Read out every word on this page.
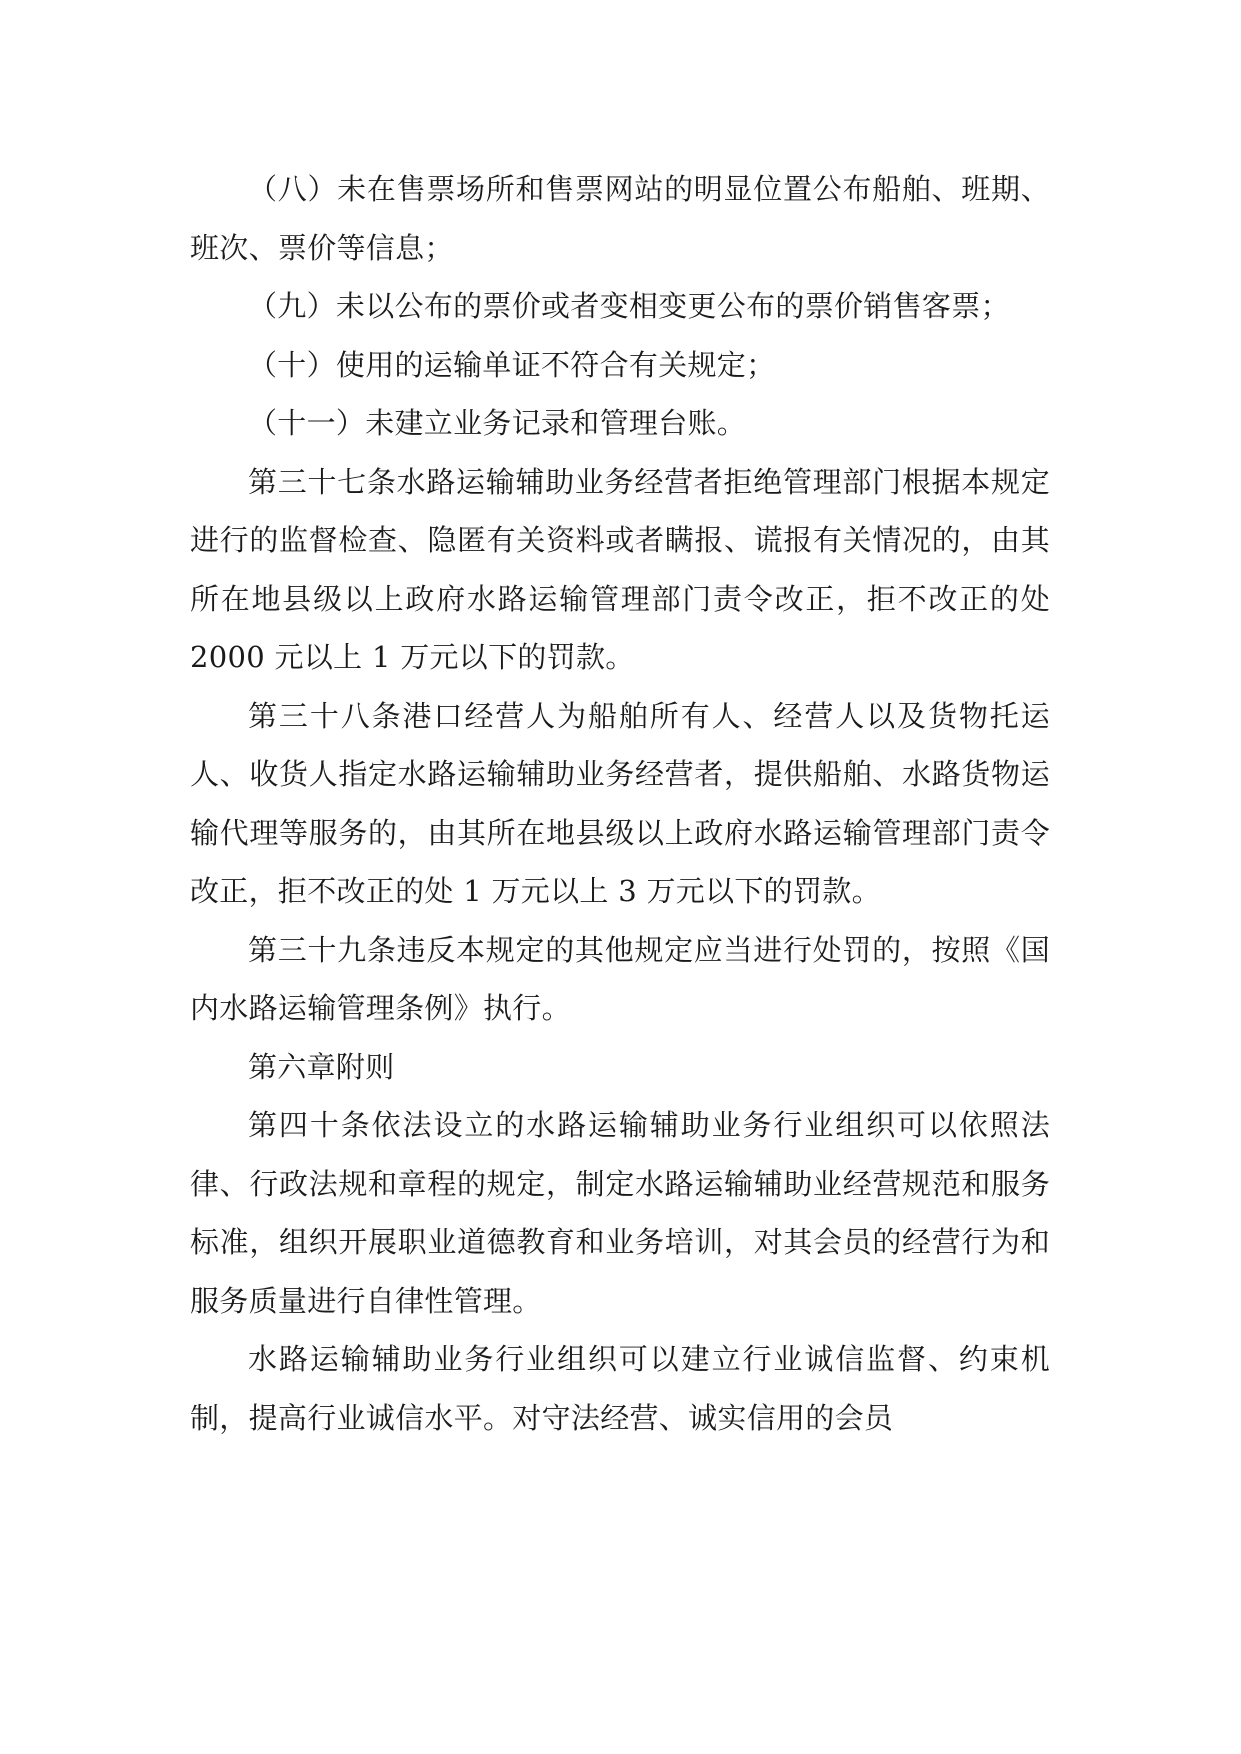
（八）未在售票场所和售票网站的明显位置公布船舶、班期、班次、票价等信息；

（九）未以公布的票价或者变相变更公布的票价销售客票；

（十）使用的运输单证不符合有关规定；

（十一）未建立业务记录和管理台账。

第三十七条水路运输辅助业务经营者拒绝管理部门根据本规定进行的监督检查、隐匿有关资料或者瞒报、谎报有关情况的，由其所在地县级以上政府水路运输管理部门责令改正，拒不改正的处 2000 元以上 1 万元以下的罚款。

第三十八条港口经营人为船舶所有人、经营人以及货物托运人、收货人指定水路运输辅助业务经营者，提供船舶、水路货物运输代理等服务的，由其所在地县级以上政府水路运输管理部门责令改正，拒不改正的处 1 万元以上 3 万元以下的罚款。

第三十九条违反本规定的其他规定应当进行处罚的，按照《国内水路运输管理条例》执行。

第六章附则

第四十条依法设立的水路运输辅助业务行业组织可以依照法律、行政法规和章程的规定，制定水路运输辅助业经营规范和服务标准，组织开展职业道德教育和业务培训，对其会员的经营行为和服务质量进行自律性管理。

水路运输辅助业务行业组织可以建立行业诚信监督、约束机制，提高行业诚信水平。对守法经营、诚实信用的会员
